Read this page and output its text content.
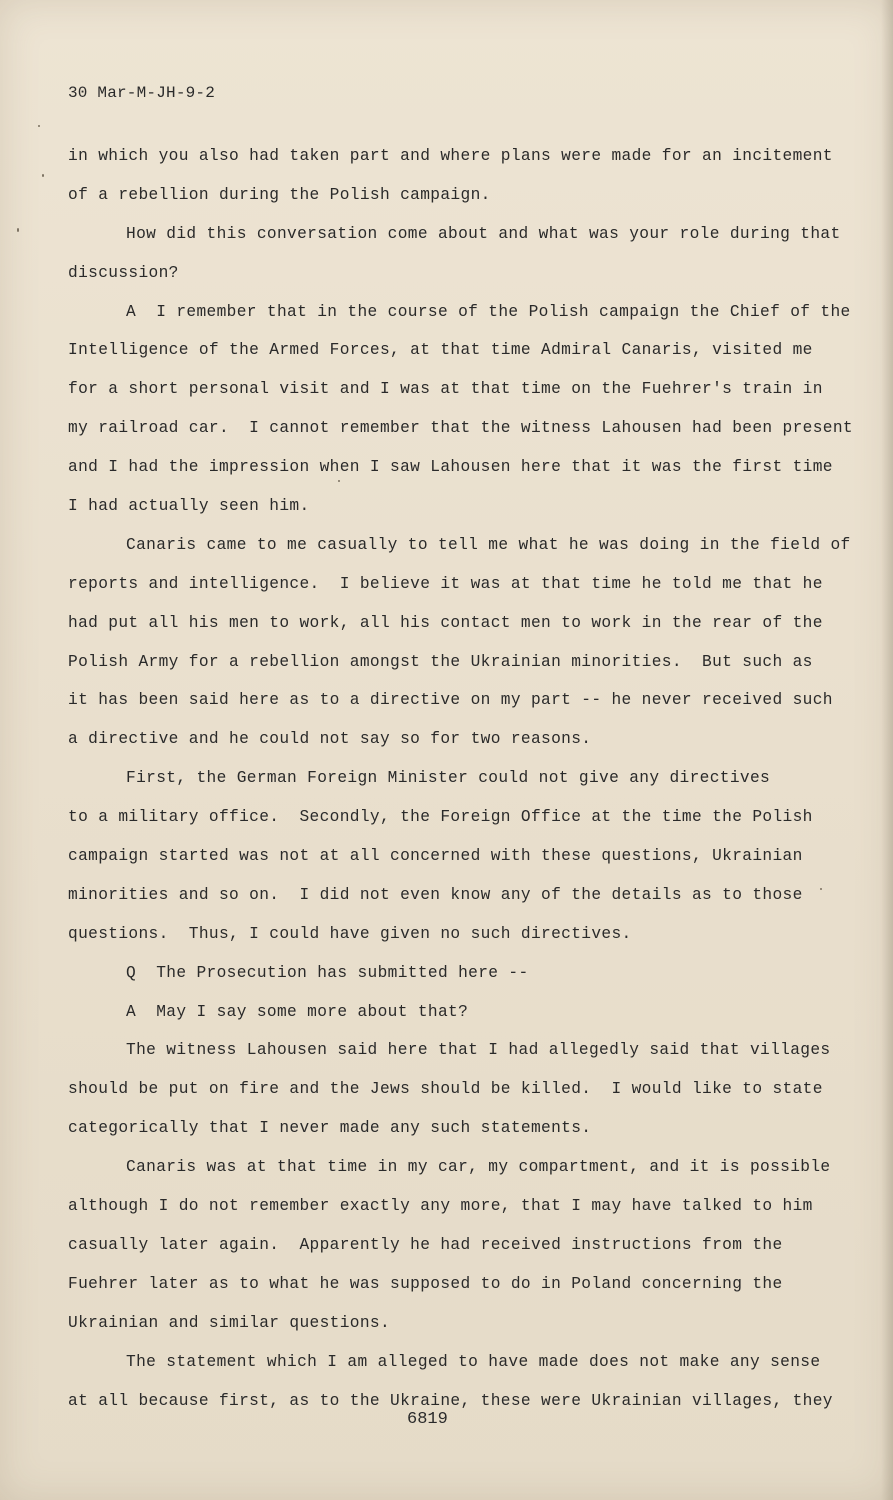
30 Mar-M-JH-9-2
in which you also had taken part and where plans were made for an incitement
of a rebellion during the Polish campaign.
How did this conversation come about and what was your role during that
discussion?
A  I remember that in the course of the Polish campaign the Chief of the
Intelligence of the Armed Forces, at that time Admiral Canaris, visited me
for a short personal visit and I was at that time on the Fuehrer's train in
my railroad car.  I cannot remember that the witness Lahousen had been present
and I had the impression when I saw Lahousen here that it was the first time
I had actually seen him.
Canaris came to me casually to tell me what he was doing in the field of
reports and intelligence.  I believe it was at that time he told me that he
had put all his men to work, all his contact men to work in the rear of the
Polish Army for a rebellion amongst the Ukrainian minorities.  But such as
it has been said here as to a directive on my part -- he never received such
a directive and he could not say so for two reasons.
First, the German Foreign Minister could not give any directives
to a military office.  Secondly, the Foreign Office at the time the Polish
campaign started was not at all concerned with these questions, Ukrainian
minorities and so on.  I did not even know any of the details as to those
questions.  Thus, I could have given no such directives.
Q  The Prosecution has submitted here --
A  May I say some more about that?
The witness Lahousen said here that I had allegedly said that villages
should be put on fire and the Jews should be killed.  I would like to state
categorically that I never made any such statements.
Canaris was at that time in my car, my compartment, and it is possible
although I do not remember exactly any more, that I may have talked to him
casually later again.  Apparently he had received instructions from the
Fuehrer later as to what he was supposed to do in Poland concerning the
Ukrainian and similar questions.
The statement which I am alleged to have made does not make any sense
at all because first, as to the Ukraine, these were Ukrainian villages, they
6819
